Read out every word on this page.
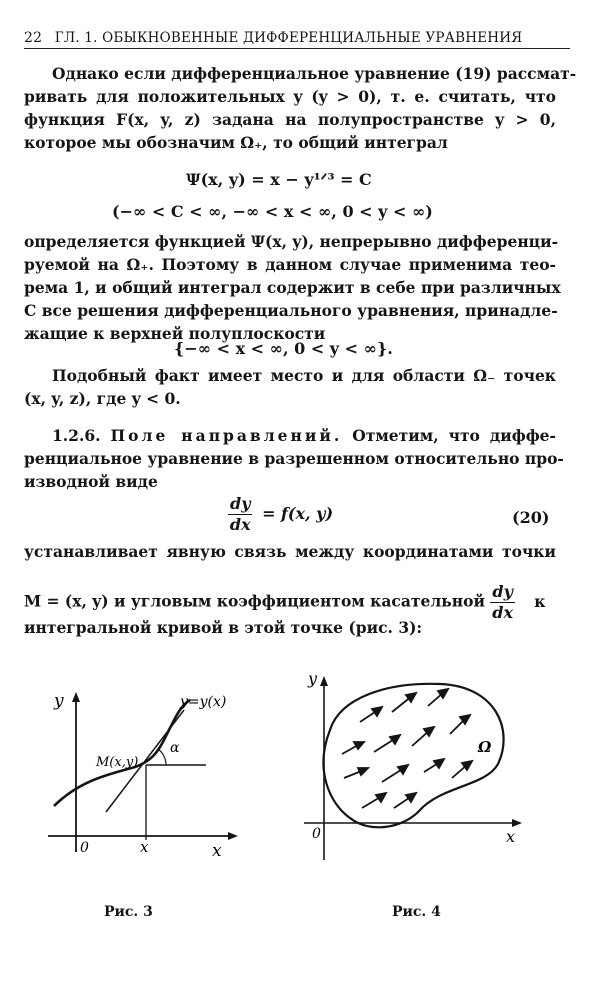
22 ГЛ. 1. ОБЫКНОВЕННЫЕ ДИФФЕРЕНЦИАЛЬНЫЕ УРАВНЕНИЯ
Однако если дифференциальное уравнение (19) рассмат-
ривать для положительных y (y > 0), т. е. считать, что
функция F(x, y, z) задана на полупространстве y > 0,
которое мы обозначим Ω₊, то общий интеграл
Ψ(x, y) = x − y¹ᐟ³ = C
(−∞ < C < ∞, −∞ < x < ∞, 0 < y < ∞)
определяется функцией Ψ(x, y), непрерывно дифференци-
руемой на Ω₊. Поэтому в данном случае применима тео-
рема 1, и общий интеграл содержит в себе при различных
C все решения дифференциального уравнения, принадле-
жащие к верхней полуплоскости
{−∞ < x < ∞, 0 < y < ∞}.
Подобный факт имеет место и для области Ω₋ точек
(x, y, z), где y < 0.
1.2.6. Поле направлений. Отметим, что диффе-
ренциальное уравнение в разрешенном относительно про-
изводной виде
$\frac{dy}{dx} = f(x$, y)	(20)
устанавливает явную связь между координатами точки
M = (x, y) и угловым коэффициентом касательной $\frac{dy}{dx}$ к
интегральной кривой в этой точке (рис. 3):
y
x
0	x
M(x,y)
α
y=y(x)
y
x
0
Ω
Рис. 3	Рис. 4
